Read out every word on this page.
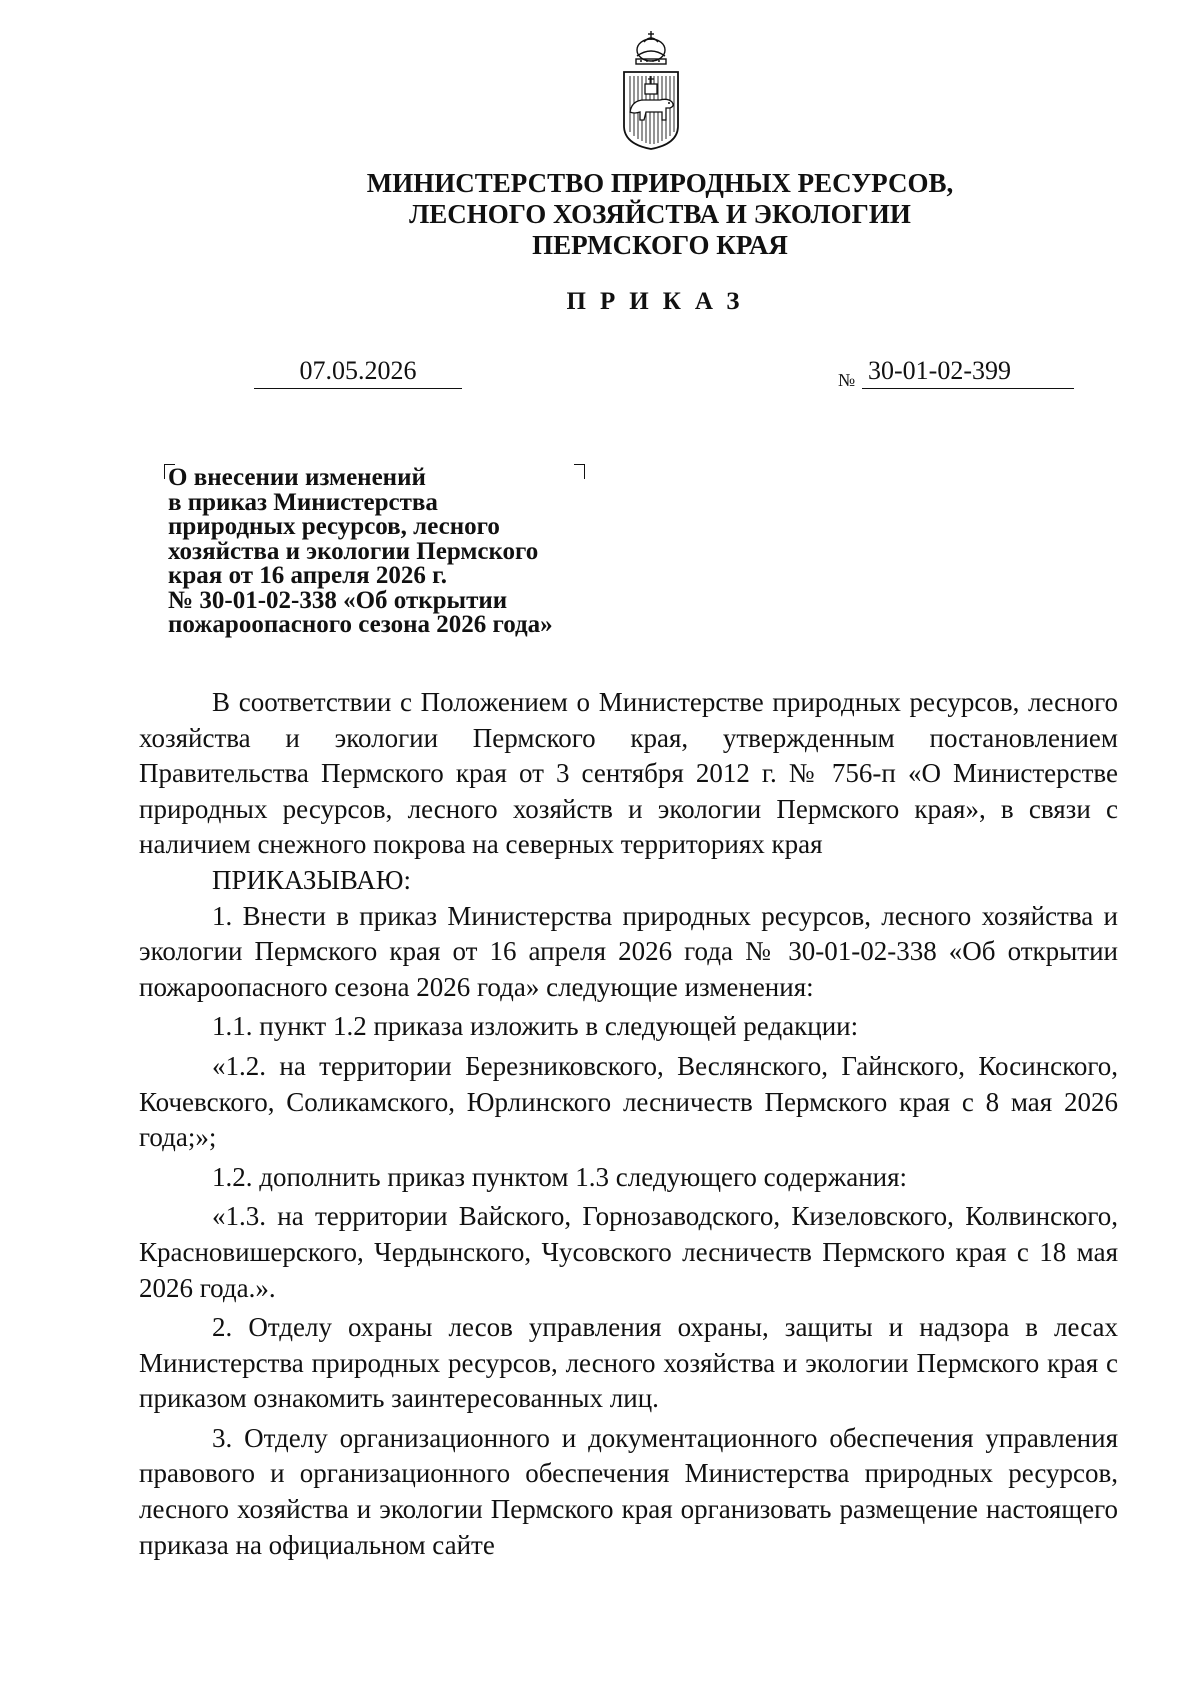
МИНИСТЕРСТВО ПРИРОДНЫХ РЕСУРСОВ,
ЛЕСНОГО ХОЗЯЙСТВА И ЭКОЛОГИИ
ПЕРМСКОГО КРАЯ
ПРИКАЗ
07.05.2026	№ 30-01-02-399
О внесении изменений
в приказ Министерства
природных ресурсов, лесного
хозяйства и экологии Пермского
края от 16 апреля 2026 г.
№ 30-01-02-338 «Об открытии
пожароопасного сезона 2026 года»

В соответствии с Положением о Министерстве природных ресурсов, лесного хозяйства и экологии Пермского края, утвержденным постановлением Правительства Пермского края от 3 сентября 2012 г. № 756-п «О Министерстве природных ресурсов, лесного хозяйств и экологии Пермского края», в связи с наличием снежного покрова на северных территориях края

ПРИКАЗЫВАЮ:

1. Внести в приказ Министерства природных ресурсов, лесного хозяйства и экологии Пермского края от 16 апреля 2026 года № 30-01-02-338 «Об открытии пожароопасного сезона 2026 года» следующие изменения:

1.1. пункт 1.2 приказа изложить в следующей редакции:

«1.2. на территории Березниковского, Веслянского, Гайнского, Косинского, Кочевского, Соликамского, Юрлинского лесничеств Пермского края с 8 мая 2026 года;»;

1.2. дополнить приказ пунктом 1.3 следующего содержания:

«1.3. на территории Вайского, Горнозаводского, Кизеловского, Колвинского, Красновишерского, Чердынского, Чусовского лесничеств Пермского края с 18 мая 2026 года.».

2. Отделу охраны лесов управления охраны, защиты и надзора в лесах Министерства природных ресурсов, лесного хозяйства и экологии Пермского края с приказом ознакомить заинтересованных лиц.

3. Отделу организационного и документационного обеспечения управления правового и организационного обеспечения Министерства природных ресурсов, лесного хозяйства и экологии Пермского края организовать размещение настоящего приказа на официальном сайте
